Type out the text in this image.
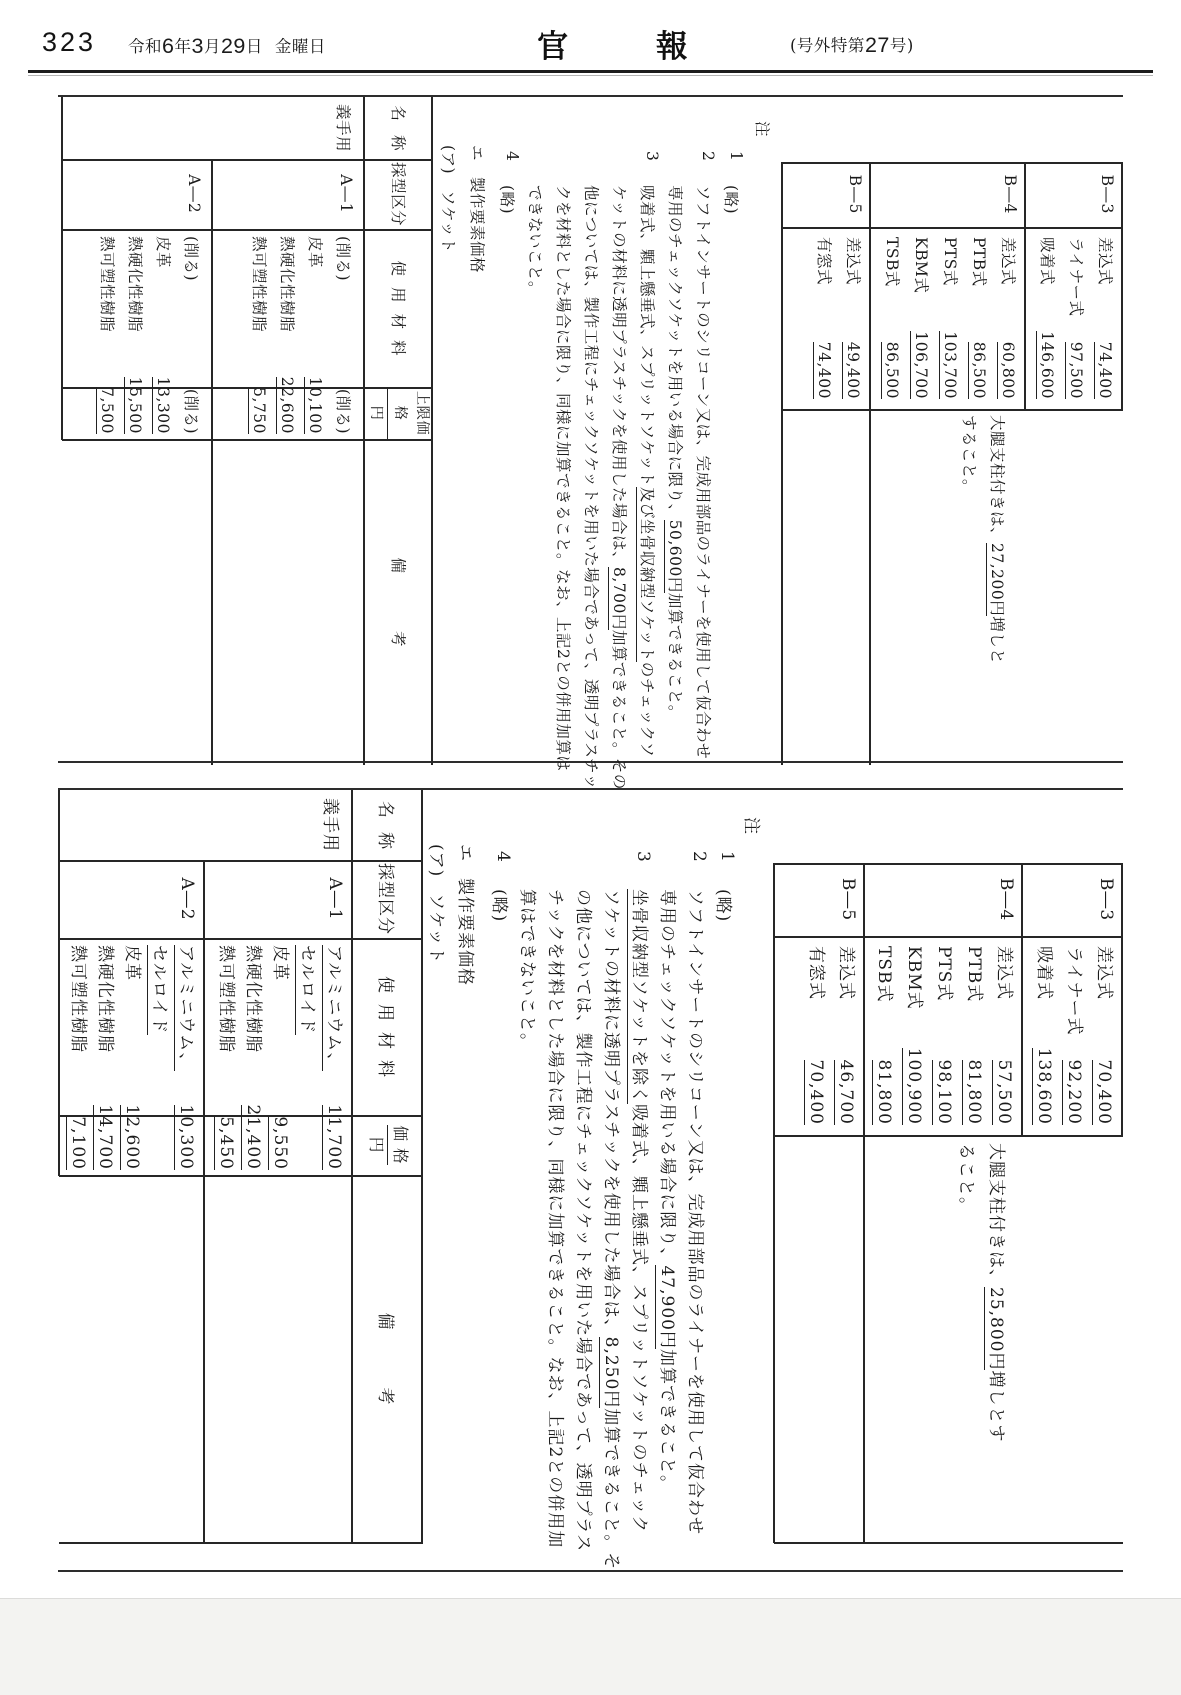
323 令和6年3月29日 金曜日	官報 (号外特第27号)
B―3
B―4
B―5
差込式
74,400
ライナー式
97,500
吸着式
146,600
差込式
60,800
PTB式
86,500
PTS式
103,700
KBM式
106,700
TSB式
86,500
差込式
49,400
有窓式
74,400
大腿支柱付きは、27,200円増しとすること。
注
1
(略)
2
ソフトインサートのシリコーン又は、完成用部品のライナーを使用して仮合わせ
専用のチェックソケットを用いる場合に限り、50,600円加算できること。
3
吸着式、顆上懸垂式、スプリットソケット及び坐骨収納型ソケットのチェックソ
ケットの材料に透明プラスチックを使用した場合は、8,700円加算できること。その
他については、製作工程にチェックソケットを用いた場合であって、透明プラスチッ
クを材料とした場合に限り、同様に加算できること。なお、上記2との併用加算は
できないこと。
4
(略)
エ製作要素価格
(ア)ソケット
名称
採型区分
使用材料
上限価格
円
備考
義手用
A―1
A―2
(削る)
(削る)
皮革
10,100
熱硬化性樹脂
22,600
熱可塑性樹脂
5,750
(削る)
(削る)
皮革
13,300
熱硬化性樹脂
15,500
熱可塑性樹脂
7,500
B―3
B―4
B―5
差込式
70,400
ライナー式
92,200
吸着式
138,600
差込式
57,500
PTB式
81,800
PTS式
98,100
KBM式
100,900
TSB式
81,800
差込式
46,700
有窓式
70,400
大腿支柱付きは、25,800円増しとすること。
注
1
(略)
2
ソフトインサートのシリコーン又は、完成用部品のライナーを使用して仮合わせ
専用のチェックソケットを用いる場合に限り、47,900円加算できること。
3
坐骨収納型ソケットを除く吸着式、顆上懸垂式、スプリットソケットのチェック
ソケットの材料に透明プラスチックを使用した場合は、8,250円加算できること。そ
の他については、製作工程にチェックソケットを用いた場合であって、透明プラス
チックを材料とした場合に限り、同様に加算できること。なお、上記2との併用加
算はできないこと。
4
(略)
エ製作要素価格
(ア)ソケット
名称
採型区分
使用材料
価 格
円
備考
義手用
A―1
A―2
アルミニウム、
11,700
セルロイド
皮革
9,550
熱硬化性樹脂
21,400
熱可塑性樹脂
5,450
アルミニウム、
10,300
セルロイド
皮革
12,600
熱硬化性樹脂
14,700
熱可塑性樹脂
7,100
